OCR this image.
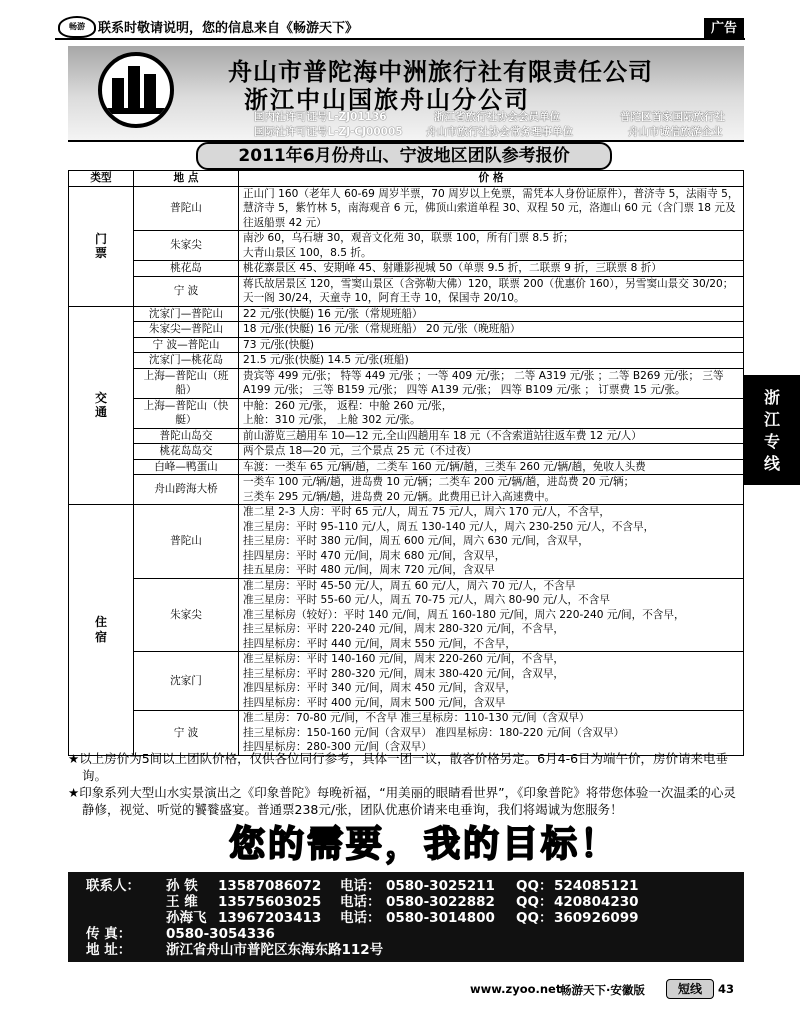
畅游	联系时敬请说明，您的信息来自《畅游天下》	广告
舟山市普陀海中洲旅行社有限责任公司
浙江中山国旅舟山分公司
国内社许可证号L-ZJ01136	浙江省旅行社协会会员单位	普陀区首家国际旅行社
国际社许可证号L-ZJ-CJ00005 舟山市旅行社协会常务理事单位	舟山市诚信旅游企业
2011年6月份舟山、宁波地区团队参考报价
类型	地 点	价 格
门票	普陀山	正山门 160（老年人 60-69 周岁半票，70 周岁以上免票，需凭本人身份证原件），普济寺 5，法雨寺 5，慧济寺 5，紫竹林 5，南海观音 6 元，佛顶山索道单程 30、双程 50 元，洛迦山 60 元（含门票 18 元及往返船票 42 元）
	朱家尖	南沙 60，乌石塘 30，观音文化苑 30，联票 100，所有门票 8.5 折；
大青山景区 100，8.5 折。
	桃花岛	桃花寨景区 45、安期峰 45、射雕影视城 50（单票 9.5 折，二联票 9 折，三联票 8 折）
	宁 波	蒋氏故居景区 120，雪窦山景区（含弥勒大佛）120，联票 200（优惠价 160），另雪窦山景交 30/20；天一阁 30/24，天童寺 10，阿育王寺 10，保国寺 20/10。
交通	沈家门—普陀山	22 元/张(快艇) 16 元/张（常规班船）
	朱家尖—普陀山	18 元/张(快艇) 16 元/张（常规班船） 20 元/张（晚班船）
	宁 波—普陀山	73 元/张(快艇)
	沈家门—桃花岛	21.5 元/张(快艇) 14.5 元/张(班船)
	上海—普陀山（班船）	贵宾等 499 元/张； 特等 449 元/张 ；一等 409 元/张； 二等 A319 元/张 ；二等 B269 元/张； 三等 A199 元/张； 三等 B159 元/张； 四等 A139 元/张； 四等 B109 元/张 ； 订票费 15 元/张。
	上海—普陀山（快艇）	中舱：260 元/张， 返程：中舱 260 元/张，
上舱：310 元/张， 上舱 302 元/张。
	普陀山岛交	前山游览三趟用车 10—12 元,全山四趟用车 18 元（不含索道站往返车费 12 元/人）
	桃花岛岛交	两个景点 18—20 元，三个景点 25 元（不过夜）
	白峰—鸭蛋山	车渡：一类车 65 元/辆/趟，二类车 160 元/辆/趟，三类车 260 元/辆/趟，免收人头费
	舟山跨海大桥	一类车 100 元/辆/趟，进岛费 10 元/辆；二类车 200 元/辆/趟，进岛费 20 元/辆；
三类车 295 元/辆/趟，进岛费 20 元/辆。此费用已计入高速费中。
住宿	普陀山	准二星 2-3 人房：平时 65 元/人，周五 75 元/人，周六 170 元/人，不含早，
准三星房：平时 95-110 元/人，周五 130-140 元/人，周六 230-250 元/人，不含早，
挂三星房：平时 380 元/间，周五 600 元/间，周六 630 元/间，含双早，
挂四星房：平时 470 元/间，周末 680 元/间，含双早，
挂五星房：平时 480 元/间，周末 720 元/间，含双早
	朱家尖	准二星房：平时 45-50 元/人，周五 60 元/人，周六 70 元/人，不含早
准三星房：平时 55-60 元/人，周五 70-75 元/人，周六 80-90 元/人，不含早
准三星标房（较好）：平时 140 元/间，周五 160-180 元/间，周六 220-240 元/间，不含早，
挂三星标房：平时 220-240 元/间，周末 280-320 元/间，不含早，
挂四星标房：平时 440 元/间，周末 550 元/间，不含早，
	沈家门	准三星标房：平时 140-160 元/间，周末 220-260 元/间，不含早，
挂三星标房：平时 280-320 元/间，周末 380-420 元/间，含双早，
准四星标房：平时 340 元/间，周末 450 元/间，含双早，
挂四星标房：平时 400 元/间，周末 500 元/间，含双早
	宁 波	准二星房：70-80 元/间，不含早 准三星标房：110-130 元/间（含双早）
挂三星标房：150-160 元/间（含双早） 准四星标房：180-220 元/间（含双早）
挂四星标房：280-300 元/间（含双早）

★以上房价为5间以上团队价格，仅供各位同行参考，具体一团一议，散客价格另定。6月4-6日为端午价，房价请来电垂询。

★印象系列大型山水实景演出之《印象普陀》每晚祈福，“用美丽的眼睛看世界”，《印象普陀》将带您体验一次温柔的心灵静修，视觉、听觉的饕餮盛宴。普通票238元/张，团队优惠价请来电垂询，我们将竭诚为您服务！

您的需要，我的目标！
联系人： 孙 铁 13587086072 电话： 0580-3025211 QQ： 524085121
王 维 13575603025 电话： 0580-3022882 QQ： 420804230
孙海飞 13967203413 电话： 0580-3014800 QQ： 360926099
传 真：	0580-3054336
地 址：	浙江省舟山市普陀区东海东路112号
浙江专线
www.zyoo.net
畅游天下·安徽版	短线	43
